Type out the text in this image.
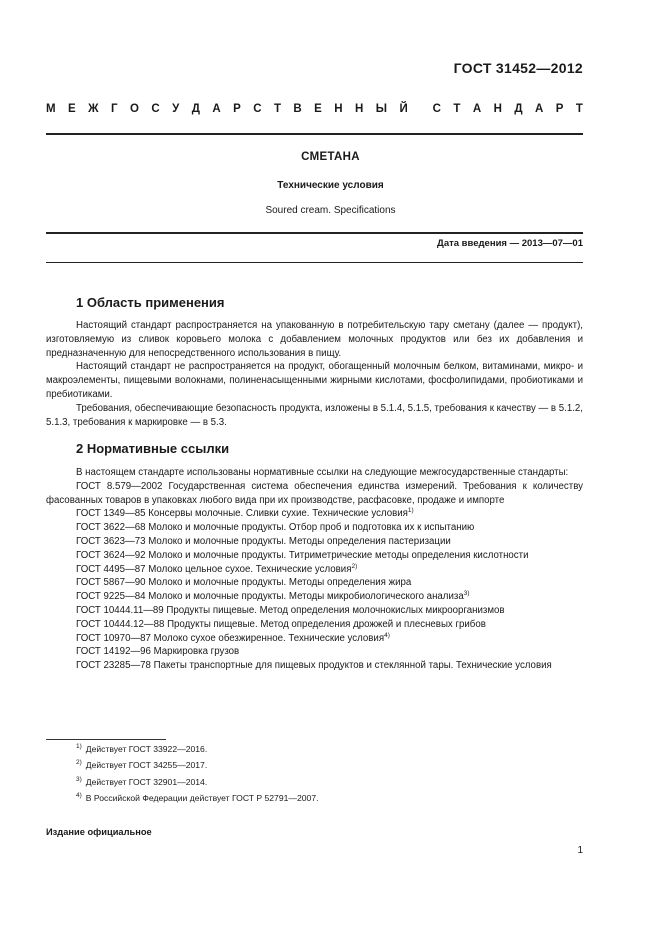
ГОСТ 31452—2012
М Е Ж Г О С У Д А Р С Т В Е Н Н Ы Й С Т А Н Д А Р Т
СМЕТАНА
Технические условия
Soured cream. Specifications
Дата введения — 2013—07—01
1 Область применения

Настоящий стандарт распространяется на упакованную в потребительскую тару сметану (далее — продукт), изготовляемую из сливок коровьего молока с добавлением молочных продуктов или без их добавления и предназначенную для непосредственного использования в пищу.

Настоящий стандарт не распространяется на продукт, обогащенный молочным белком, витаминами, микро- и макроэлементы, пищевыми волокнами, полиненасыщенными жирными кислотами, фосфолипидами, пробиотиками и пребиотиками.

Требования, обеспечивающие безопасность продукта, изложены в 5.1.4, 5.1.5, требования к качеству — в 5.1.2, 5.1.3, требования к маркировке — в 5.3.

2 Нормативные ссылки

В настоящем стандарте использованы нормативные ссылки на следующие межгосударственные стандарты:

ГОСТ 8.579—2002 Государственная система обеспечения единства измерений. Требования к количеству фасованных товаров в упаковках любого вида при их производстве, расфасовке, продаже и импорте

ГОСТ 1349—85 Консервы молочные. Сливки сухие. Технические условия$^{1)}$

ГОСТ 3622—68 Молоко и молочные продукты. Отбор проб и подготовка их к испытанию

ГОСТ 3623—73 Молоко и молочные продукты. Методы определения пастеризации

ГОСТ 3624—92 Молоко и молочные продукты. Титриметрические методы определения кислотности

ГОСТ 4495—87 Молоко цельное сухое. Технические условия$^{2)}$

ГОСТ 5867—90 Молоко и молочные продукты. Методы определения жира

ГОСТ 9225—84 Молоко и молочные продукты. Методы микробиологического анализа$^{3)}$

ГОСТ 10444.11—89 Продукты пищевые. Метод определения молочнокислых микроорганизмов

ГОСТ 10444.12—88 Продукты пищевые. Метод определения дрожжей и плесневых грибов

ГОСТ 10970—87 Молоко сухое обезжиренное. Технические условия$^{4)}$

ГОСТ 14192—96 Маркировка грузов

ГОСТ 23285—78 Пакеты транспортные для пищевых продуктов и стеклянной тары. Технические условия

$^{1)}$ Действует ГОСТ 33922—2016.
$^{2)}$ Действует ГОСТ 34255—2017.
$^{3)}$ Действует ГОСТ 32901—2014.
$^{4)}$ В Российской Федерации действует ГОСТ Р 52791—2007.
Издание официальное
1
